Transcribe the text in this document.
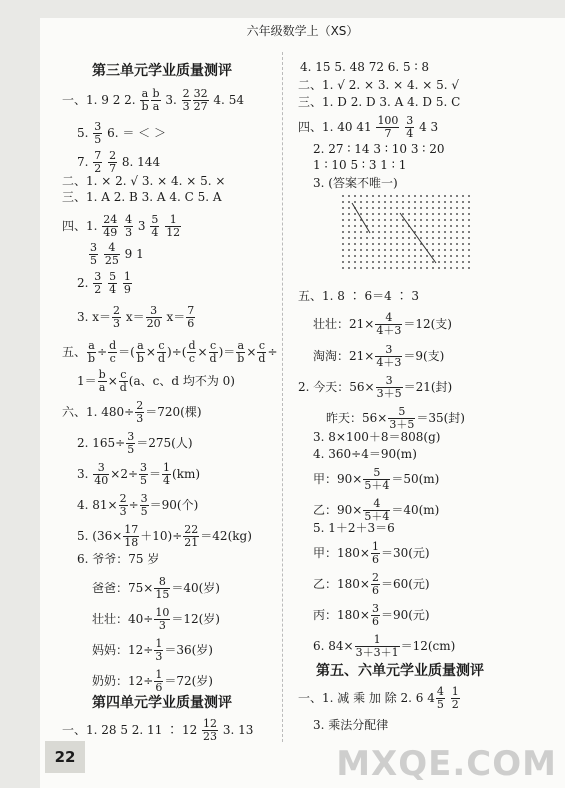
六年级数学上（XS）
第三单元学业质量测评
一、1. 9 2 2. $\frac{a}{b} \frac{b}{a} 3$. $\frac{2}{3} \frac{32}{27} 4$. 54
5. $\frac{3}{5} 6$. ＝ ＜ ＞
7. $\frac{7}{2}$
$\frac{2}{7} 8$. 144
二、1. × 2. √ 3. × 4. × 5. ×
三、1. A 2. B 3. A 4. C 5. A
四、1. $\frac{24}{49}$
$\frac{4}{3} 3 \frac{5}{4}$
$\frac{1}{12}$
$\frac{3}{5}$
$\frac{4}{25} 9$ 1
2. $\frac{3}{2}$
$\frac{5}{4}$
$\frac{1}{9}$
3. $x= \frac{2}{3} x= \frac{3}{20} x= \frac{7}{6}$
五、 $\frac{a}{b} \div \frac{d}{c}$ ＝( $\frac{a}{b} \times \frac{c}{d}$ )÷( $\frac{d}{c} \times \frac{c}{d}$ )＝ $\frac{a}{b} \times \frac{c}{d}$ ÷
$1= \frac{b}{a} \times \frac{c}{d} (a$、c、d 均不为 0)
六、1. $480\div \frac{2}{3} =720$(棵)
2. $165\div \frac{3}{5} =275$(人)
3. $\frac{3}{40} \times 2\div \frac{3}{5} = \frac{1}{4} (km)$
4. $81\times \frac{2}{3} \div \frac{3}{5} =90$(个)
5. $(36\times \frac{17}{18} +10)\div \frac{22}{21} =42(kg)$
6. 爷爷：75 岁
爸爸：$75\times \frac{8}{15} =40$(岁)
壮壮：$40\div \frac{10}{3} =12$(岁)
妈妈：$12\div \frac{1}{3} =36$(岁)
奶奶：$12\div \frac{1}{6} =72$(岁)
第四单元学业质量测评
一、1. 28 5 2. 11 ∶ $12 \frac{12}{23} 3$. 13
4. 15 5. 48 72 6. 5 ∶ 8
二、1. √ 2. × 3. × 4. × 5. √
三、1. D 2. D 3. A 4. D 5. C
四、1. 40 $41 \frac{100}{7}$
$\frac{3}{4} 4$ 3
2. 27 ∶ 14 3 ∶ 10 3 ∶ 20
1 ∶ 10 5 ∶ 3 1 ∶ 1
3. (答案不唯一)
五、1. 8 ∶ 6＝4 ∶ 3
壮壮：$21\times \frac{4}{4+3} =12$(支)
淘淘：$21\times \frac{3}{4+3} =9$(支)
2. 今天：$56\times \frac{3}{3+5} =21$(封)
昨天：$56\times \frac{5}{3+5} =35$(封)
3. 8×100＋8＝808(g)
4. 360÷4＝90(m)
甲：$90\times \frac{5}{5+4} =50(m)$
乙：$90\times \frac{4}{5+4} =40(m)$
5. 1＋2＋3＝6
甲：$180\times \frac{1}{6} =30$(元)
乙：$180\times \frac{2}{6} =60$(元)
丙：$180\times \frac{3}{6} =90$(元)
6. $84\times \frac{1}{3+3+1} =12(cm)$
第五、六单元学业质量测评
一、1. 减 乘 加 除 2. 6 $4 \frac{4}{5}$
$\frac{1}{2}$
3. 乘法分配律
22	MXQE.COM
